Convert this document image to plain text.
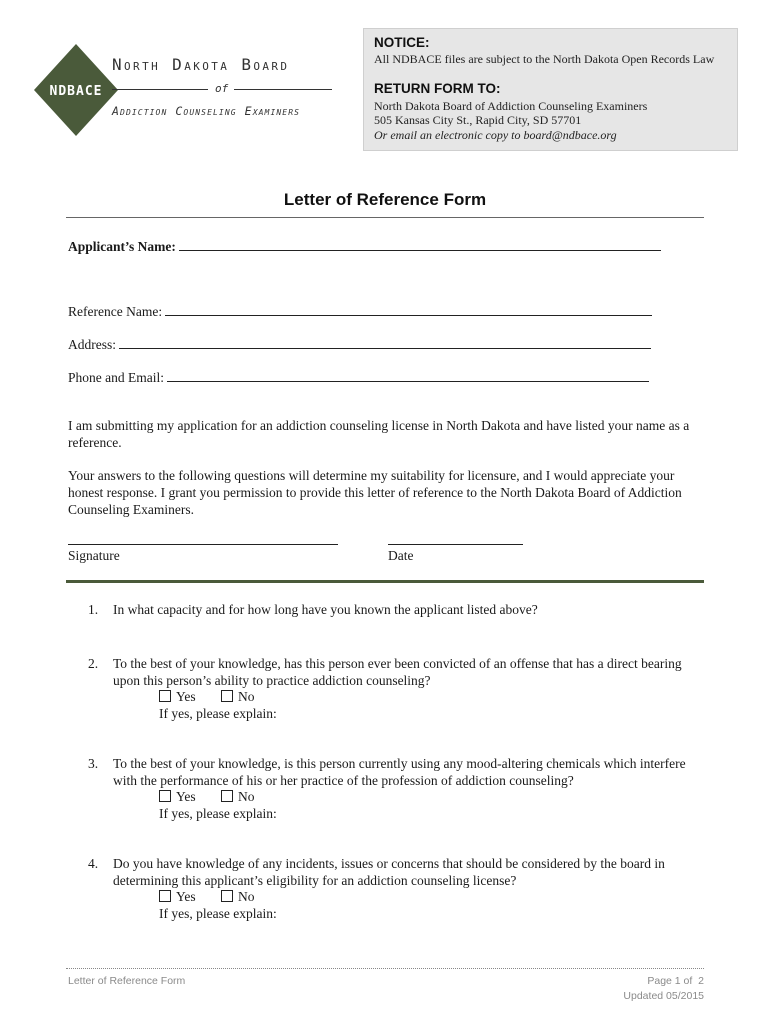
NDBACE
North Dakota Board
of
Addiction Counseling Examiners
NOTICE:
All NDBACE files are subject to the North Dakota Open Records Law
RETURN FORM TO:
North Dakota Board of Addiction Counseling Examiners
505 Kansas City St., Rapid City, SD 57701
Or email an electronic copy to board@ndbace.org
Letter of Reference Form
Applicant’s Name:
Reference Name:
Address:
Phone and Email:
I am submitting my application for an addiction counseling license in North Dakota and have listed your name as a reference.
Your answers to the following questions will determine my suitability for licensure, and I would appreciate your honest response. I grant you permission to provide this letter of reference to the North Dakota Board of Addiction Counseling Examiners.
Signature	Date
1. In what capacity and for how long have you known the applicant listed above?
2. To the best of your knowledge, has this person ever been convicted of an offense that has a direct bearing upon this person’s ability to practice addiction counseling?
Yes	No
If yes, please explain:
3. To the best of your knowledge, is this person currently using any mood-altering chemicals which interfere with the performance of his or her practice of the profession of addiction counseling?
Yes	No
If yes, please explain:
4. Do you have knowledge of any incidents, issues or concerns that should be considered by the board in determining this applicant’s eligibility for an addiction counseling license?
Yes	No
If yes, please explain:
Letter of Reference Form	Page 1 of  2
Updated 05/2015
